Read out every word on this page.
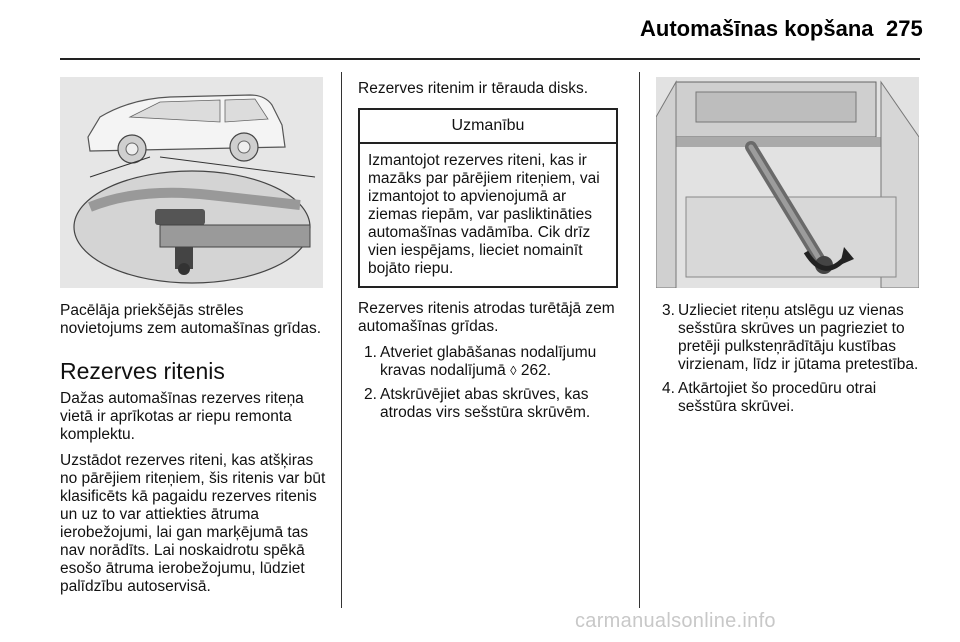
Automašīnas kopšana 275

Pacēlāja priekšējās strēles novietojums zem automašīnas grīdas.

Rezerves ritenis

Dažas automašīnas rezerves riteņa vietā ir aprīkotas ar riepu remonta komplektu.

Uzstādot rezerves riteni, kas atšķiras no pārējiem riteņiem, šis ritenis var būt klasificēts kā pagaidu rezerves ritenis un uz to var attiekties ātruma ierobežojumi, lai gan marķējumā tas nav norādīts. Lai noskaidrotu spēkā esošo ātruma ierobežojumu, lūdziet palīdzību autoservisā.

Rezerves ritenim ir tērauda disks.

Uzmanību
Izmantojot rezerves riteni, kas ir mazāks par pārējiem riteņiem, vai izmantojot to apvienojumā ar ziemas riepām, var pasliktināties automašīnas vadāmība. Cik drīz vien iespējams, lieciet nomainīt bojāto riepu.

Rezerves ritenis atrodas turētājā zem automašīnas grīdas.

1. Atveriet glabāšanas nodalījumu kravas nodalījumā ◊ 262.
2. Atskrūvējiet abas skrūves, kas atrodas virs sešstūra skrūvēm.
3. Uzlieciet riteņu atslēgu uz vienas sešstūra skrūves un pagrieziet to pretēji pulksteņrādītāju kustības virzienam, līdz ir jūtama pretestība.
4. Atkārtojiet šo procedūru otrai sešstūra skrūvei.
carmanualsonline.info
